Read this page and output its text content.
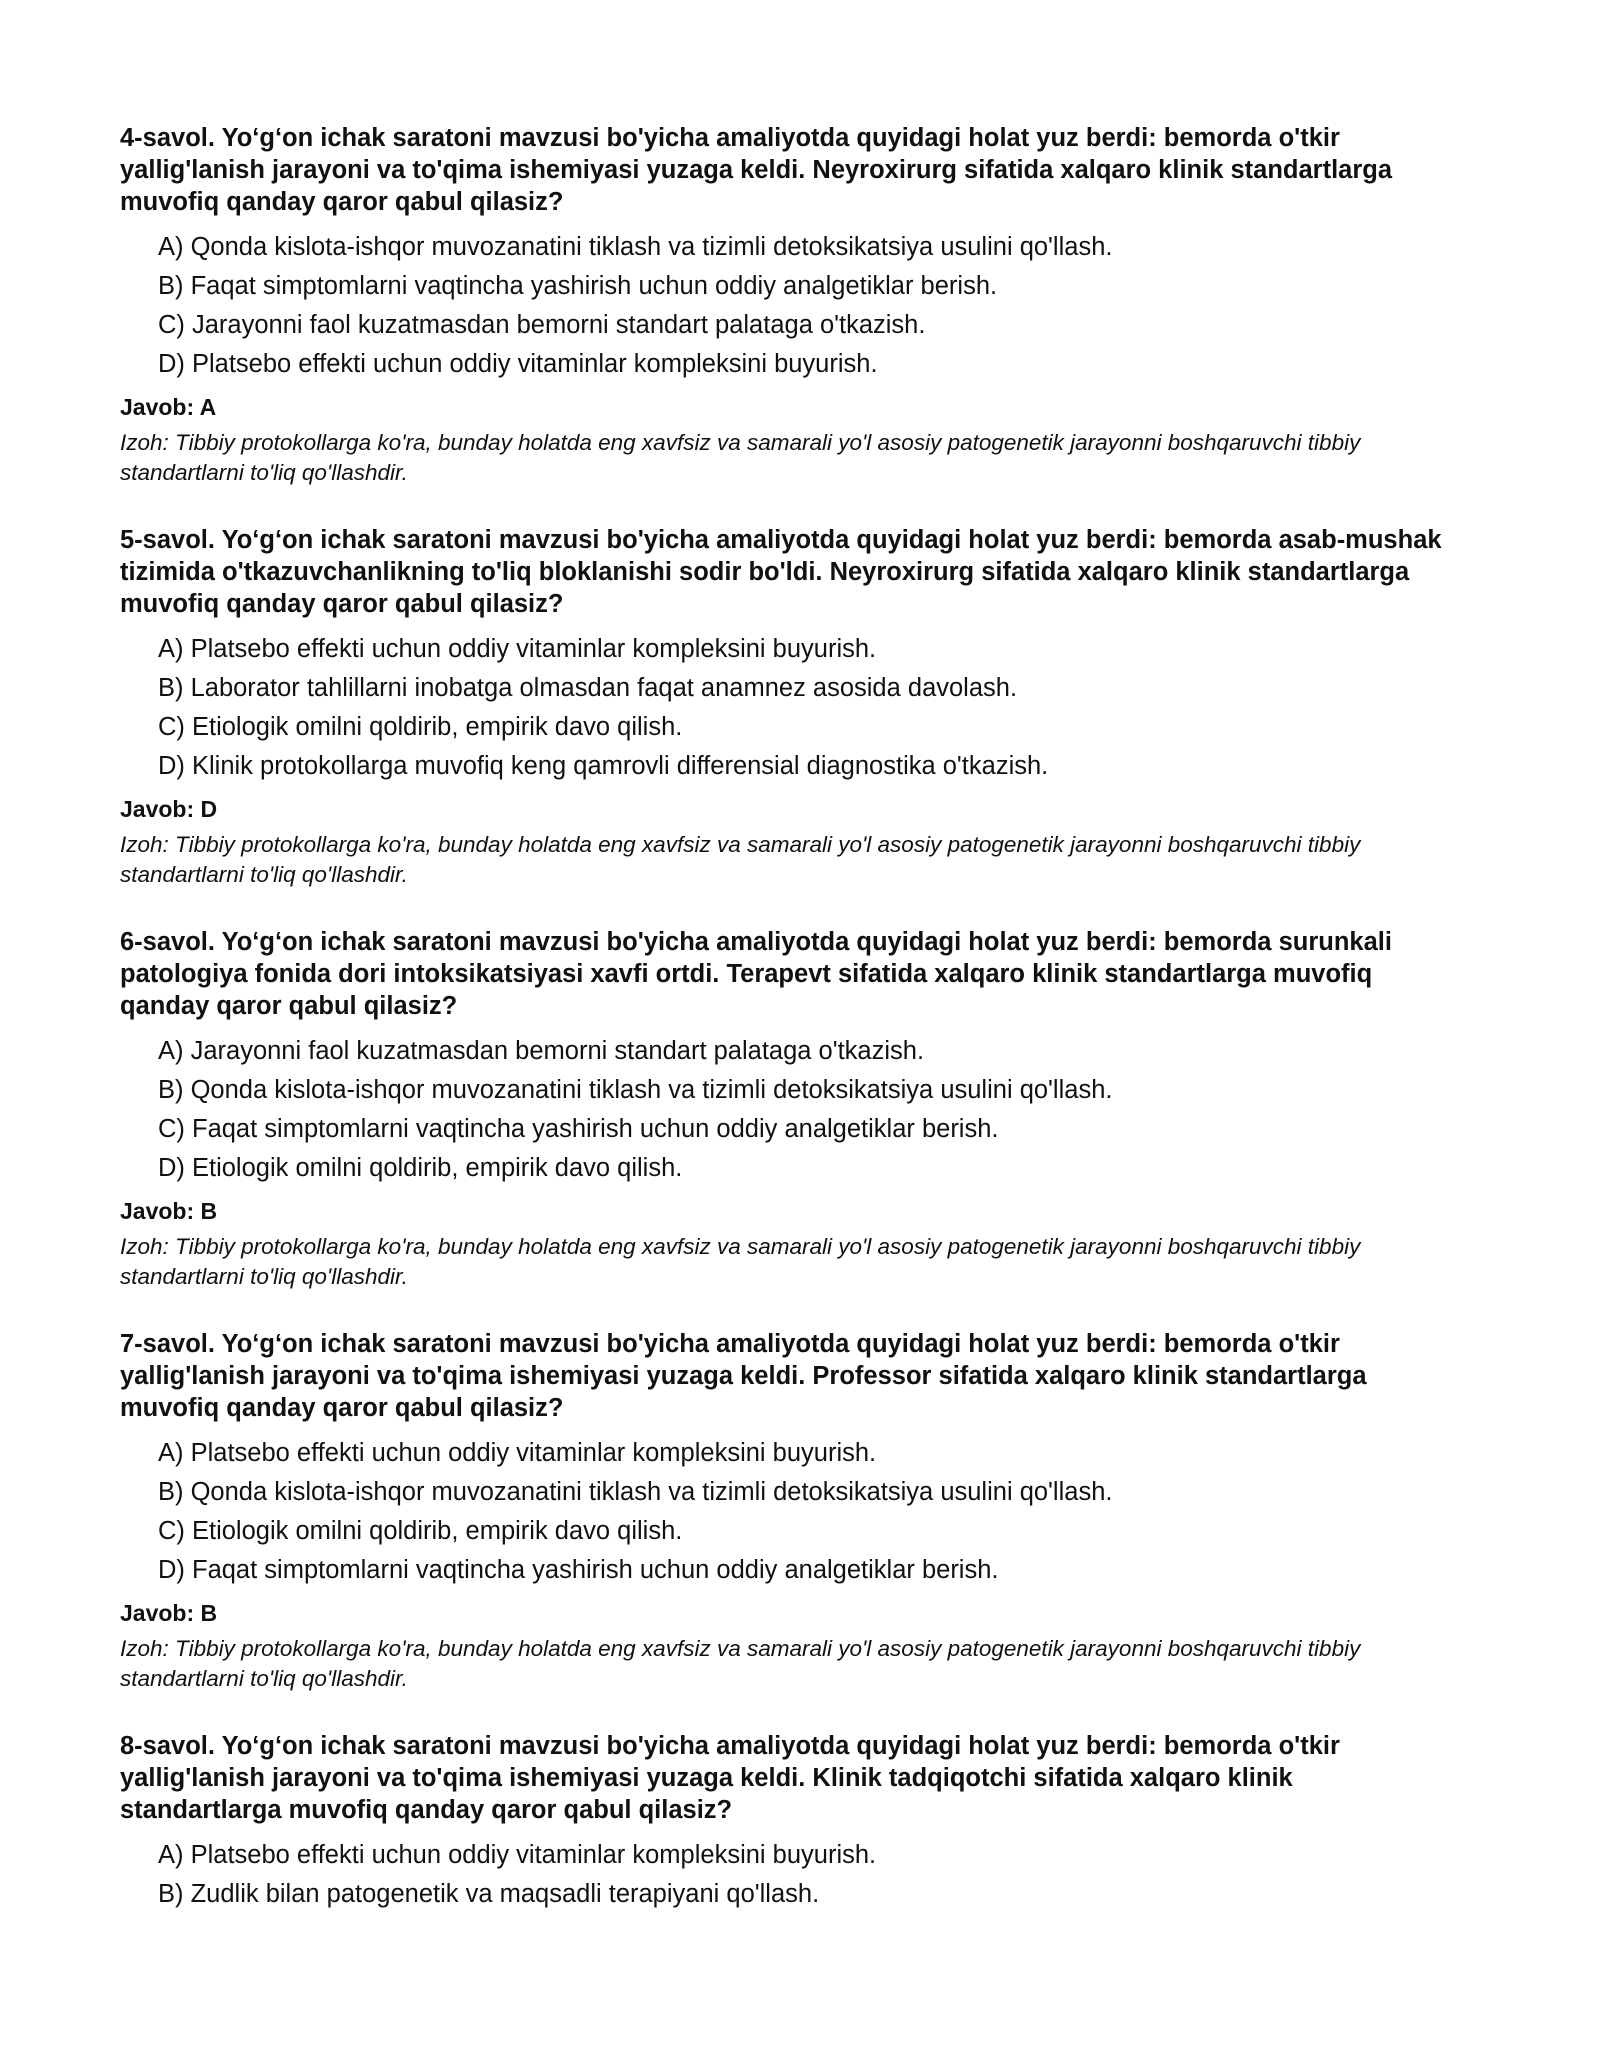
4-savol. Yo‘g‘on ichak saratoni mavzusi bo'yicha amaliyotda quyidagi holat yuz berdi: bemorda o'tkir yallig'lanish jarayoni va to'qima ishemiyasi yuzaga keldi. Neyroxirurg sifatida xalqaro klinik standartlarga muvofiq qanday qaror qabul qilasiz?
A) Qonda kislota-ishqor muvozanatini tiklash va tizimli detoksikatsiya usulini qo'llash.
B) Faqat simptomlarni vaqtincha yashirish uchun oddiy analgetiklar berish.
C) Jarayonni faol kuzatmasdan bemorni standart palataga o'tkazish.
D) Platsebo effekti uchun oddiy vitaminlar kompleksini buyurish.
Javob: A
Izoh: Tibbiy protokollarga ko'ra, bunday holatda eng xavfsiz va samarali yo'l asosiy patogenetik jarayonni boshqaruvchi tibbiy standartlarni to'liq qo'llashdir.
5-savol. Yo‘g‘on ichak saratoni mavzusi bo'yicha amaliyotda quyidagi holat yuz berdi: bemorda asab-mushak tizimida o'tkazuvchanlikning to'liq bloklanishi sodir bo'ldi. Neyroxirurg sifatida xalqaro klinik standartlarga muvofiq qanday qaror qabul qilasiz?
A) Platsebo effekti uchun oddiy vitaminlar kompleksini buyurish.
B) Laborator tahlillarni inobatga olmasdan faqat anamnez asosida davolash.
C) Etiologik omilni qoldirib, empirik davo qilish.
D) Klinik protokollarga muvofiq keng qamrovli differensial diagnostika o'tkazish.
Javob: D
Izoh: Tibbiy protokollarga ko'ra, bunday holatda eng xavfsiz va samarali yo'l asosiy patogenetik jarayonni boshqaruvchi tibbiy standartlarni to'liq qo'llashdir.
6-savol. Yo‘g‘on ichak saratoni mavzusi bo'yicha amaliyotda quyidagi holat yuz berdi: bemorda surunkali patologiya fonida dori intoksikatsiyasi xavfi ortdi. Terapevt sifatida xalqaro klinik standartlarga muvofiq qanday qaror qabul qilasiz?
A) Jarayonni faol kuzatmasdan bemorni standart palataga o'tkazish.
B) Qonda kislota-ishqor muvozanatini tiklash va tizimli detoksikatsiya usulini qo'llash.
C) Faqat simptomlarni vaqtincha yashirish uchun oddiy analgetiklar berish.
D) Etiologik omilni qoldirib, empirik davo qilish.
Javob: B
Izoh: Tibbiy protokollarga ko'ra, bunday holatda eng xavfsiz va samarali yo'l asosiy patogenetik jarayonni boshqaruvchi tibbiy standartlarni to'liq qo'llashdir.
7-savol. Yo‘g‘on ichak saratoni mavzusi bo'yicha amaliyotda quyidagi holat yuz berdi: bemorda o'tkir yallig'lanish jarayoni va to'qima ishemiyasi yuzaga keldi. Professor sifatida xalqaro klinik standartlarga muvofiq qanday qaror qabul qilasiz?
A) Platsebo effekti uchun oddiy vitaminlar kompleksini buyurish.
B) Qonda kislota-ishqor muvozanatini tiklash va tizimli detoksikatsiya usulini qo'llash.
C) Etiologik omilni qoldirib, empirik davo qilish.
D) Faqat simptomlarni vaqtincha yashirish uchun oddiy analgetiklar berish.
Javob: B
Izoh: Tibbiy protokollarga ko'ra, bunday holatda eng xavfsiz va samarali yo'l asosiy patogenetik jarayonni boshqaruvchi tibbiy standartlarni to'liq qo'llashdir.
8-savol. Yo‘g‘on ichak saratoni mavzusi bo'yicha amaliyotda quyidagi holat yuz berdi: bemorda o'tkir yallig'lanish jarayoni va to'qima ishemiyasi yuzaga keldi. Klinik tadqiqotchi sifatida xalqaro klinik standartlarga muvofiq qanday qaror qabul qilasiz?
A) Platsebo effekti uchun oddiy vitaminlar kompleksini buyurish.
B) Zudlik bilan patogenetik va maqsadli terapiyani qo'llash.
